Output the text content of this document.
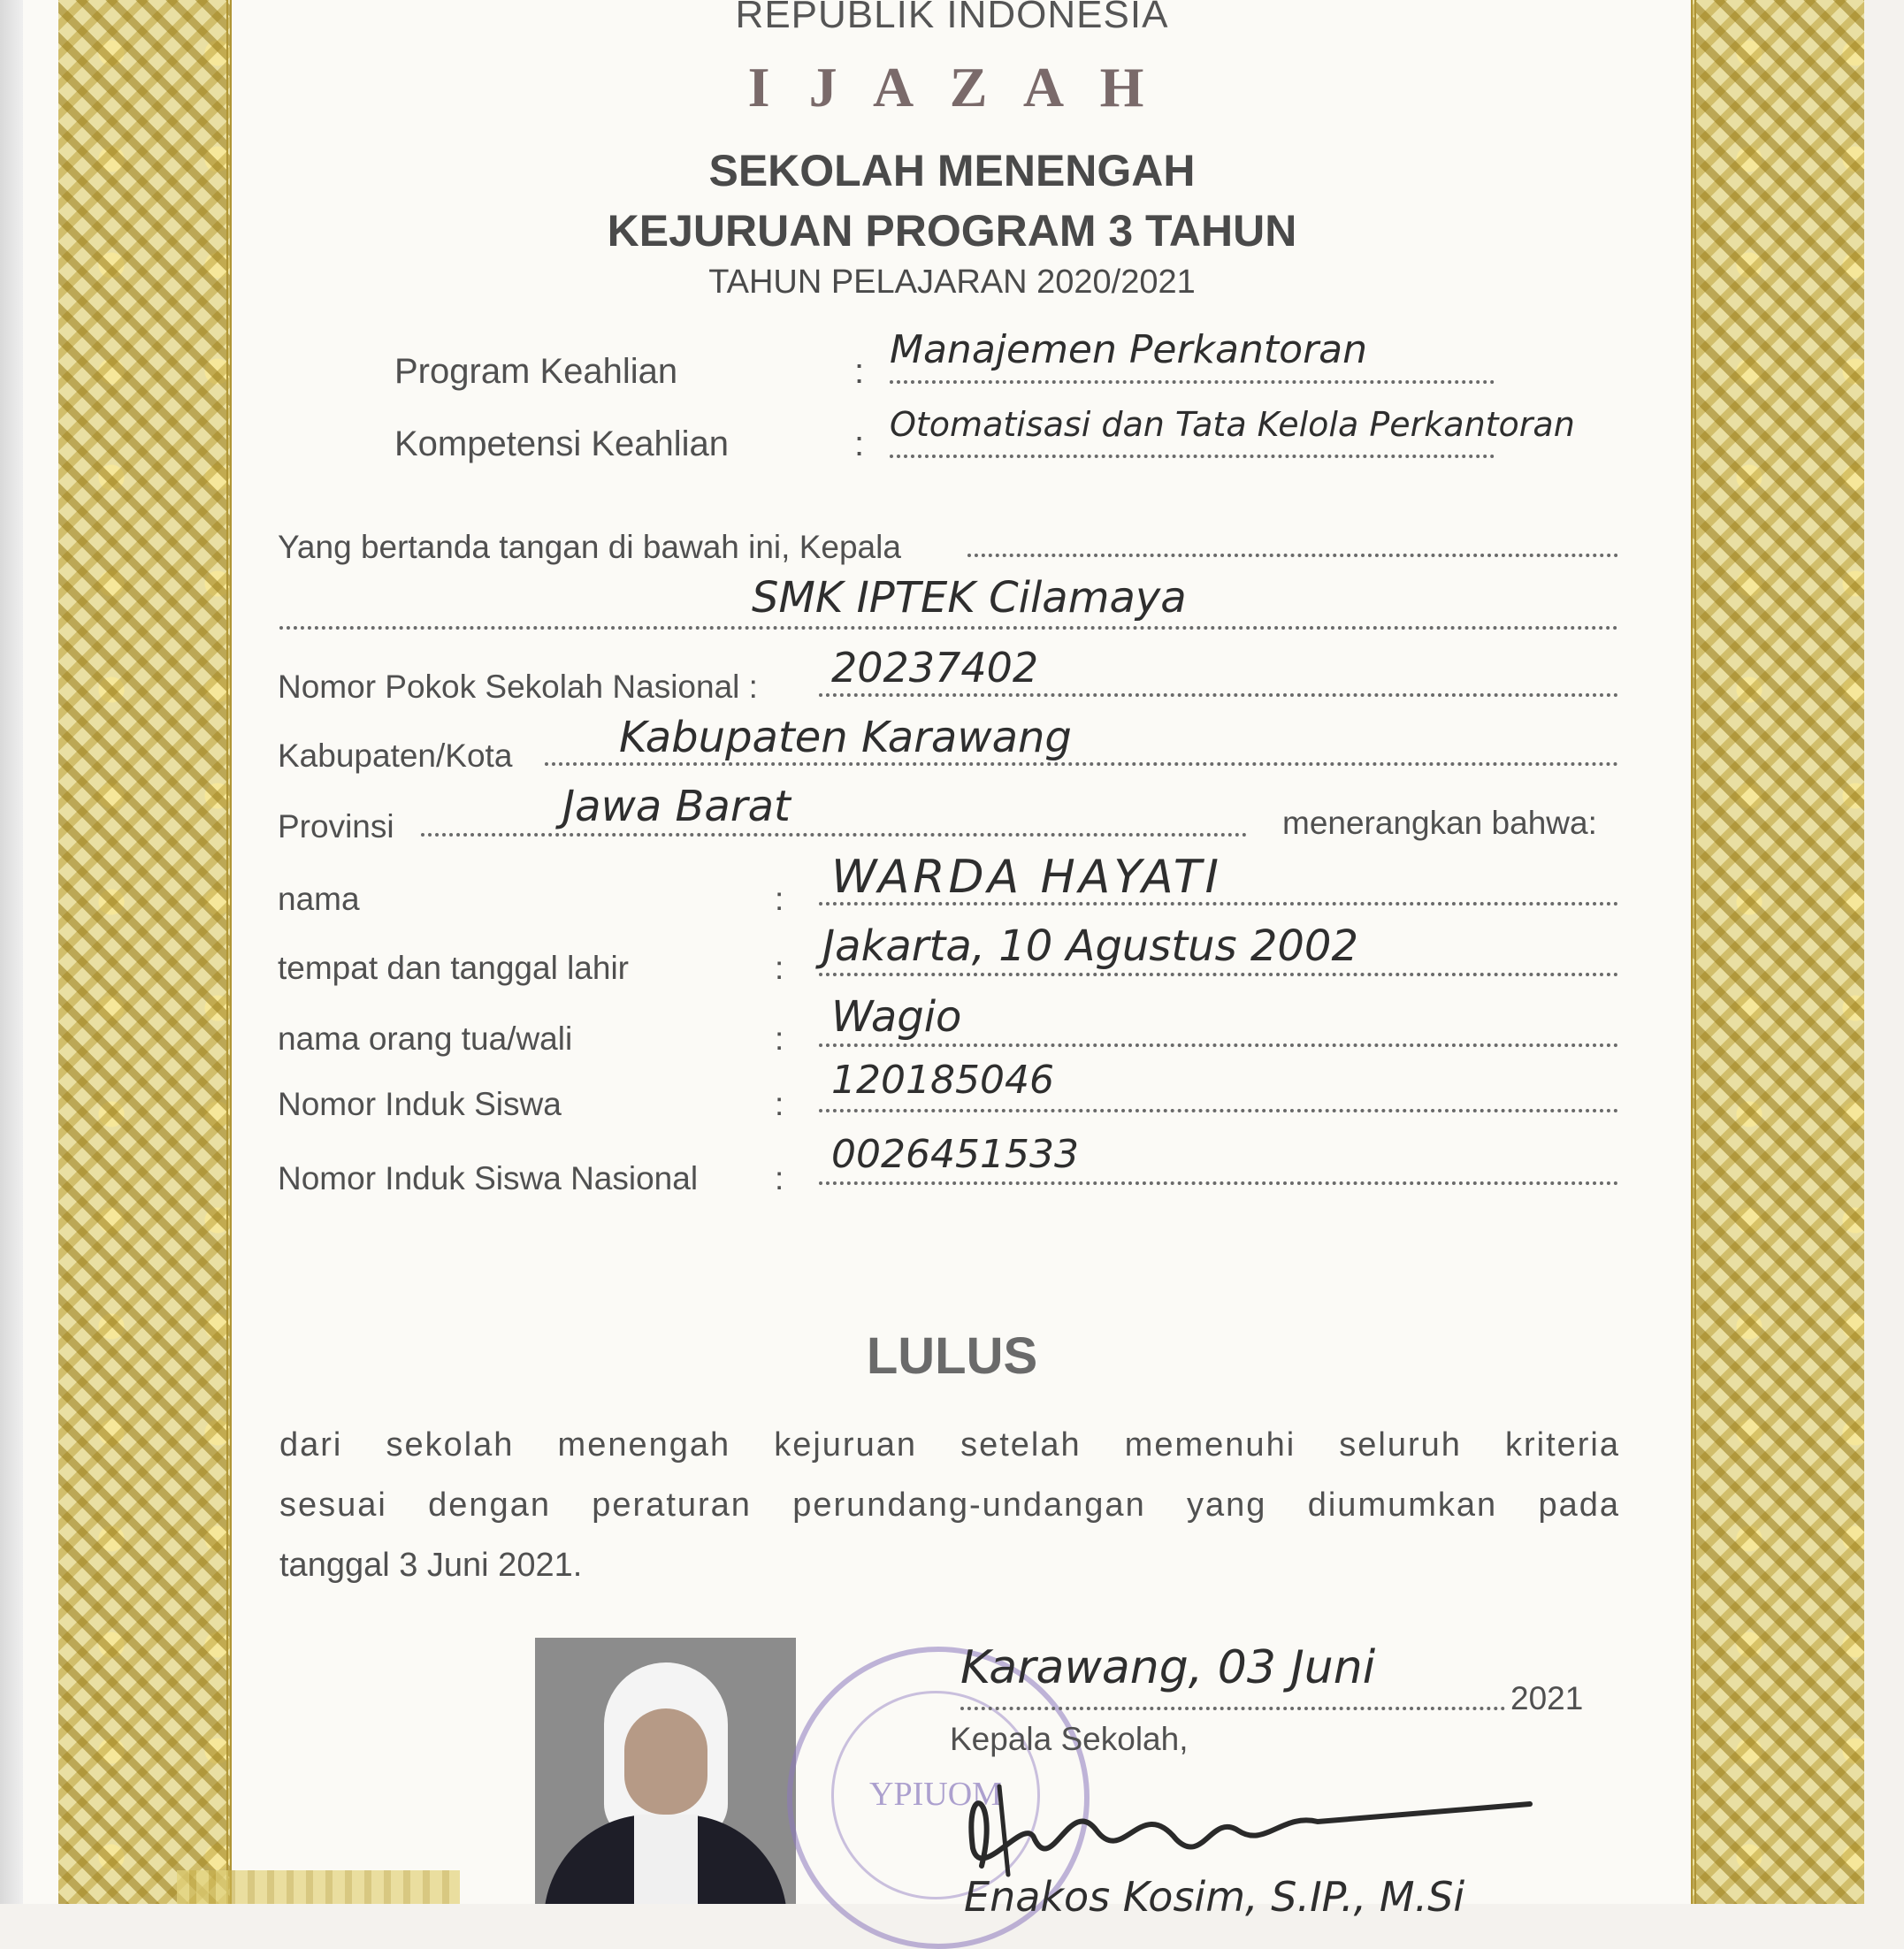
REPUBLIK INDONESIA
I J A Z A H
SEKOLAH MENENGAH
KEJURUAN PROGRAM 3 TAHUN
TAHUN PELAJARAN 2020/2021
Program Keahlian	: Manajemen Perkantoran
Kompetensi Keahlian	: Otomatisasi dan Tata Kelola Perkantoran
Yang bertanda tangan di bawah ini, Kepala
SMK IPTEK Cilamaya
Nomor Pokok Sekolah Nasional : 20237402
Kabupaten/Kota	Kabupaten Karawang
Provinsi	Jawa Barat	menerangkan bahwa:
nama	: WARDA HAYATI
tempat dan tanggal lahir	: Jakarta, 10 Agustus 2002
nama orang tua/wali	: Wagio
Nomor Induk Siswa	:
120185046
Nomor Induk Siswa Nasional :
0026451533
LULUS
dari sekolah menengah kejuruan setelah memenuhi seluruh kriteria
sesuai dengan peraturan perundang-undangan yang diumumkan pada
tanggal 3 Juni 2021.
YPIUOM
Karawang, 03 Juni
2021
Kepala Sekolah,
Enakos Kosim, S.IP., M.Si
